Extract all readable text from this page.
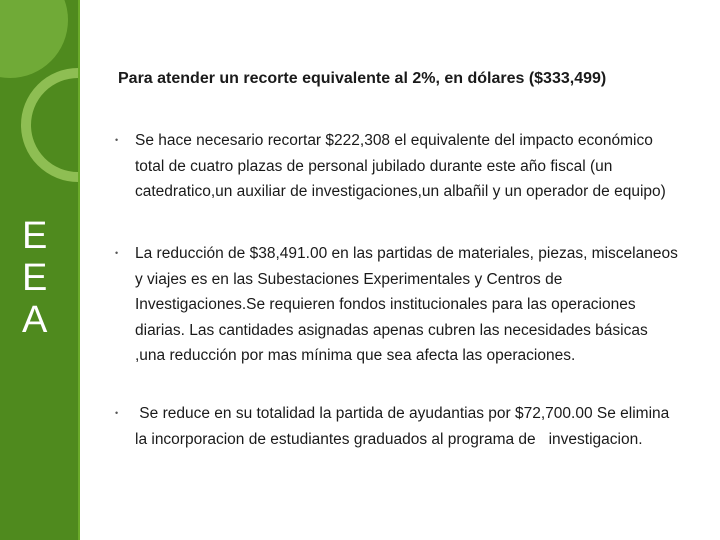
E
E
A
Para atender un recorte equivalente al 2%, en dólares ($333,499)
• Se hace necesario recortar $222,308 el equivalente del impacto económico
total de cuatro plazas de personal jubilado durante este año fiscal (un
catedratico,un auxiliar de investigaciones,un albañil y un operador de equipo)
• La reducción de $38,491.00 en las partidas de materiales, piezas, miscelaneos
y viajes es en las Subestaciones Experimentales y Centros de
Investigaciones.Se requieren fondos institucionales para las operaciones
diarias. Las cantidades asignadas apenas cubren las necesidades básicas
,una reducción por mas mínima que sea afecta las operaciones.
• Se reduce en su totalidad la partida de ayudantias por $72,700.00 Se elimina
la incorporacion de estudiantes graduados al programa de   investigacion.
